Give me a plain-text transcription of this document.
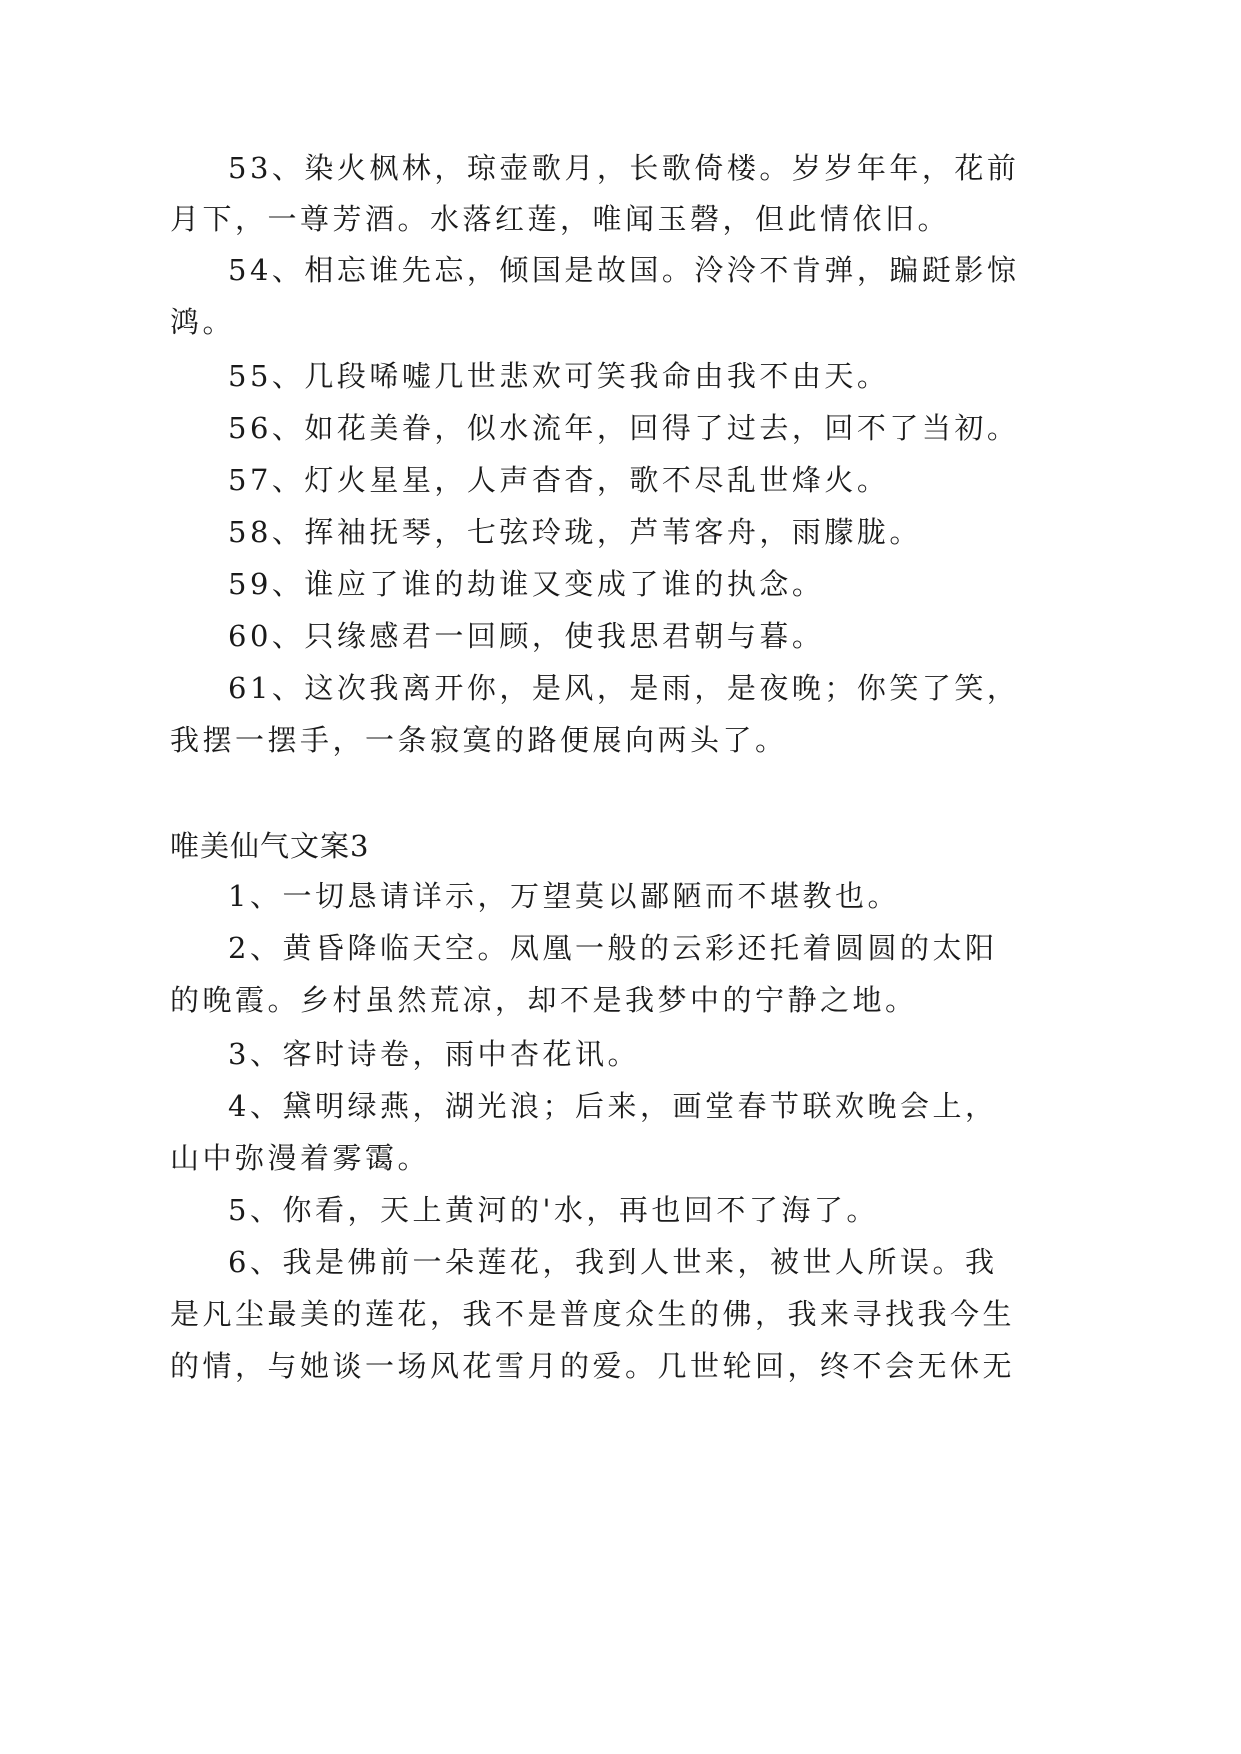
53、染火枫林，琼壶歌月，长歌倚楼。岁岁年年，花前
月下，一尊芳酒。水落红莲，唯闻玉磬，但此情依旧。
54、相忘谁先忘，倾国是故国。泠泠不肯弹，蹁跹影惊
鸿。
55、几段唏嘘几世悲欢可笑我命由我不由天。
56、如花美眷，似水流年，回得了过去，回不了当初。
57、灯火星星，人声杳杳，歌不尽乱世烽火。
58、挥袖抚琴，七弦玲珑，芦苇客舟，雨朦胧。
59、谁应了谁的劫谁又变成了谁的执念。
60、只缘感君一回顾，使我思君朝与暮。
61、这次我离开你，是风，是雨，是夜晚；你笑了笑，
我摆一摆手，一条寂寞的路便展向两头了。
唯美仙气文案3
1、一切恳请详示，万望莫以鄙陋而不堪教也。
2、黄昏降临天空。凤凰一般的云彩还托着圆圆的太阳
的晚霞。乡村虽然荒凉，却不是我梦中的宁静之地。
3、客时诗卷，雨中杏花讯。
4、黛明绿燕，湖光浪；后来，画堂春节联欢晚会上，
山中弥漫着雾霭。
5、你看，天上黄河的'水，再也回不了海了。
6、我是佛前一朵莲花，我到人世来，被世人所误。我
是凡尘最美的莲花，我不是普度众生的佛，我来寻找我今生
的情，与她谈一场风花雪月的爱。几世轮回，终不会无休无
